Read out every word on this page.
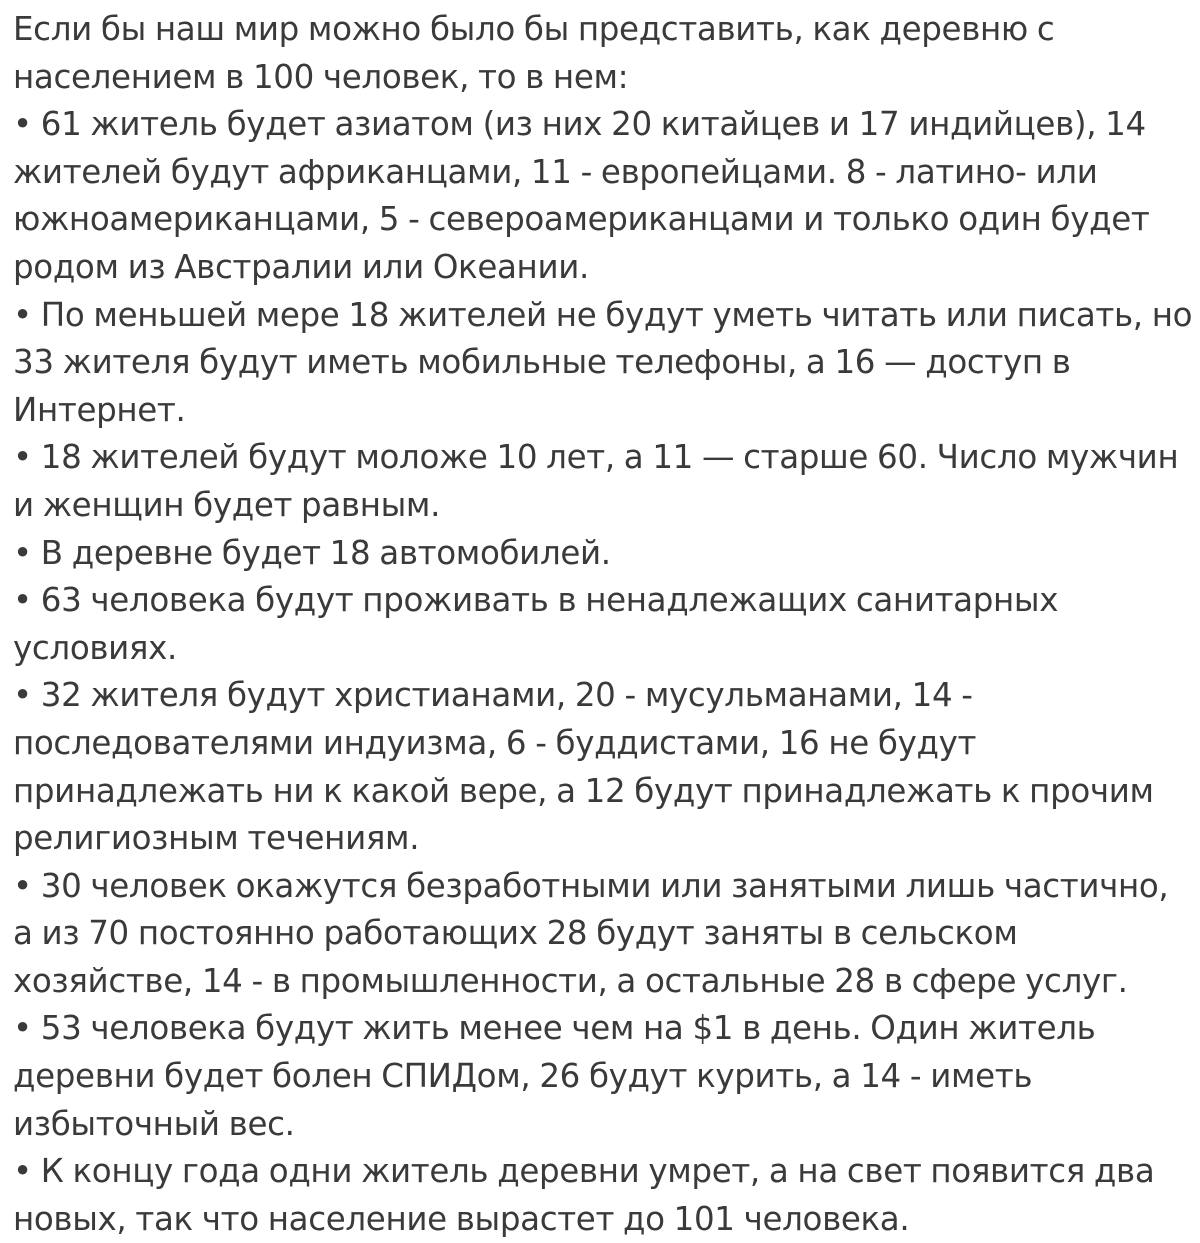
Если бы наш мир можно было бы представить, как деревню с населением в 100 человек, то в нем:

• 61 житель будет азиатом (из них 20 китайцев и 17 индийцев), 14 жителей будут африканцами, 11 - европейцами. 8 - латино- или южноамериканцами, 5 - североамериканцами и только один будет родом из Австралии или Океании.

• По меньшей мере 18 жителей не будут уметь читать или писать, но 33 жителя будут иметь мобильные телефоны, а 16 — доступ в Интернет.

• 18 жителей будут моложе 10 лет, а 11 — старше 60. Число мужчин и женщин будет равным.

• В деревне будет 18 автомобилей.

• 63 человека будут проживать в ненадлежащих санитарных условиях.

• 32 жителя будут христианами, 20 - мусульманами, 14 - последователями индуизма, 6 - буддистами, 16 не будут принадлежать ни к какой вере, а 12 будут принадлежать к прочим религиозным течениям.

• 30 человек окажутся безработными или занятыми лишь частично, а из 70 постоянно работающих 28 будут заняты в сельском хозяйстве, 14 - в промышленности, а остальные 28 в сфере услуг.

• 53 человека будут жить менее чем на $1 в день. Один житель деревни будет болен СПИДом, 26 будут курить, а 14 - иметь избыточный вес.

• К концу года одни житель деревни умрет, а на свет появится два новых, так что население вырастет до 101 человека.
